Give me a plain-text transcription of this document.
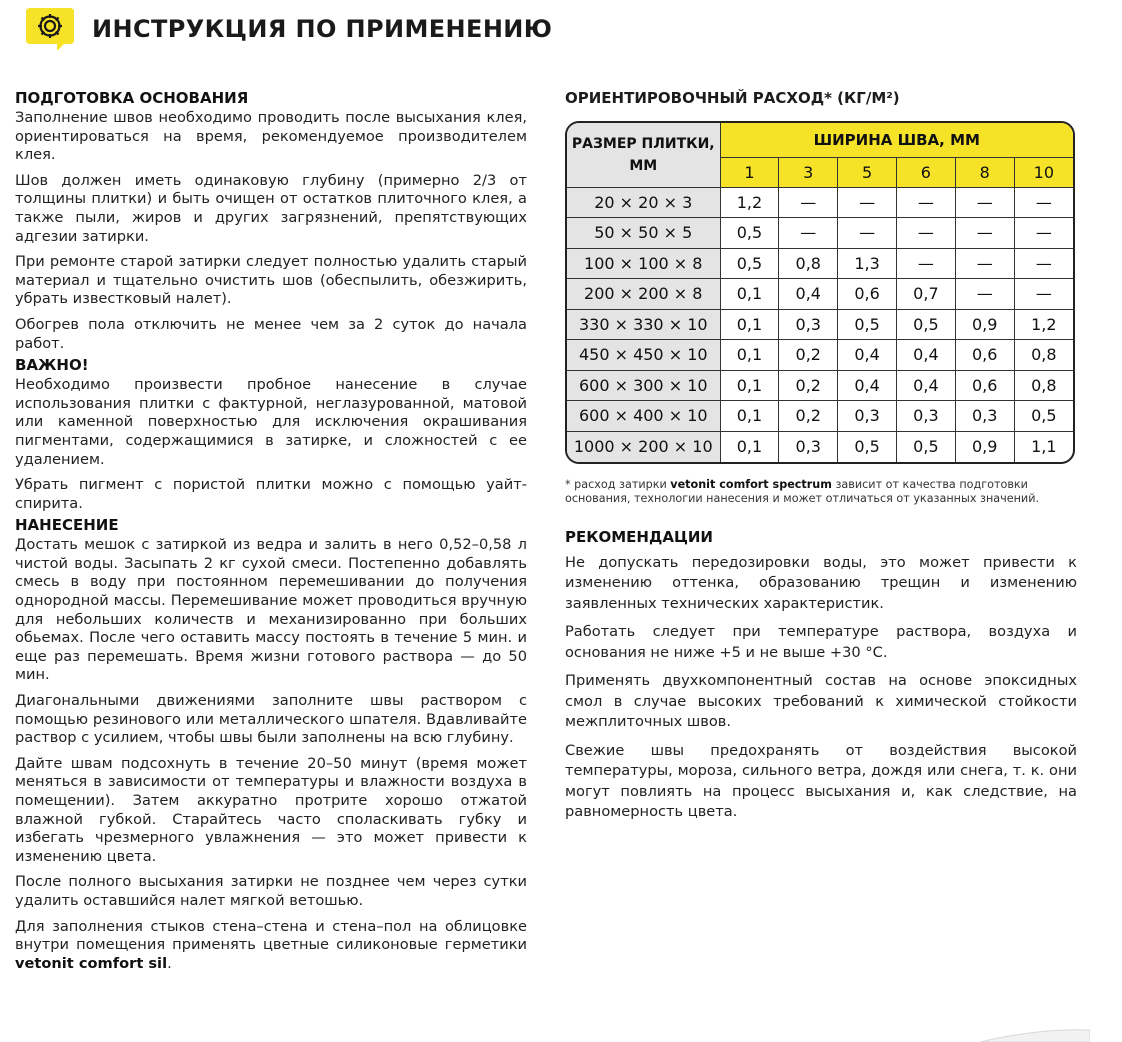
ИНСТРУКЦИЯ ПО ПРИМЕНЕНИЮ
ПОДГОТОВКА ОСНОВАНИЯ

Заполнение швов необходимо проводить после высыхания клея, ориентироваться на время, рекомендуемое производителем клея.

Шов должен иметь одинаковую глубину (примерно 2/3 от толщины плитки) и быть очищен от остатков плиточного клея, а также пыли, жиров и других загрязнений, препятствующих адгезии затирки.

При ремонте старой затирки следует полностью удалить старый материал и тщательно очистить шов (обеспылить, обезжирить, убрать известковый налет).

Обогрев пола отключить не менее чем за 2 суток до начала работ.

ВАЖНО!

Необходимо произвести пробное нанесение в случае использования плитки с фактурной, неглазурованной, матовой или каменной поверхностью для исключения окрашивания пигментами, содержащимися в затирке, и сложностей с ее удалением.

Убрать пигмент с пористой плитки можно с помощью уайт-спирита.

НАНЕСЕНИЕ

Достать мешок с затиркой из ведра и залить в него 0,52–0,58 л чистой воды. Засыпать 2 кг сухой смеси. Постепенно добавлять смесь в воду при постоянном перемешивании до получения однородной массы. Перемешивание может проводиться вручную для небольших количеств и механизированно при больших обьемах. После чего оставить массу постоять в течение 5 мин. и еще раз перемешать. Время жизни готового раствора — до 50 мин.

Диагональными движениями заполните швы раствором с помощью резинового или металлического шпателя. Вдавливайте раствор с усилием, чтобы швы были заполнены на всю глубину.

Дайте швам подсохнуть в течение 20–50 минут (время может меняться в зависимости от температуры и влажности воздуха в помещении). Затем аккуратно протрите хорошо отжатой влажной губкой. Старайтесь часто споласкивать губку и избегать чрезмерного увлажнения — это может привести к изменению цвета.

После полного высыхания затирки не позднее чем через сутки удалить оставшийся налет мягкой ветошью.

Для заполнения стыков стена–стена и стена–пол на облицовке внутри помещения применять цветные силиконовые герметики vetonit comfort sil.

ОРИЕНТИРОВОЧНЫЙ РАСХОД* (КГ/М²)
РАЗМЕР ПЛИТКИ, ММ	ШИРИНА ШВА, ММ					
	1	3	5	6	8	10
20 × 20 × 3	1,2	—	—	—	—	—
50 × 50 × 5	0,5	—	—	—	—	—
100 × 100 × 8	0,5	0,8	1,3	—	—	—
200 × 200 × 8	0,1	0,4	0,6	0,7	—	—
330 × 330 × 10	0,1	0,3	0,5	0,5	0,9	1,2
450 × 450 × 10	0,1	0,2	0,4	0,4	0,6	0,8
600 × 300 × 10	0,1	0,2	0,4	0,4	0,6	0,8
600 × 400 × 10	0,1	0,2	0,3	0,3	0,3	0,5
1000 × 200 × 10	0,1	0,3	0,5	0,5	0,9	1,1
* расход затирки vetonit comfort spectrum зависит от качества подготовки основания, технологии нанесения и может отличаться от указанных значений.
РЕКОМЕНДАЦИИ

Не допускать передозировки воды, это может привести к изменению оттенка, образованию трещин и изменению заявленных технических характеристик.

Работать следует при температуре раствора, воздуха и основания не ниже +5 и не выше +30 °С.

Применять двухкомпонентный состав на основе эпоксидных смол в случае высоких требований к химической стойкости межплиточных швов.

Свежие швы предохранять от воздействия высокой температуры, мороза, сильного ветра, дождя или снега, т. к. они могут повлиять на процесс высыхания и, как следствие, на равномерность цвета.
